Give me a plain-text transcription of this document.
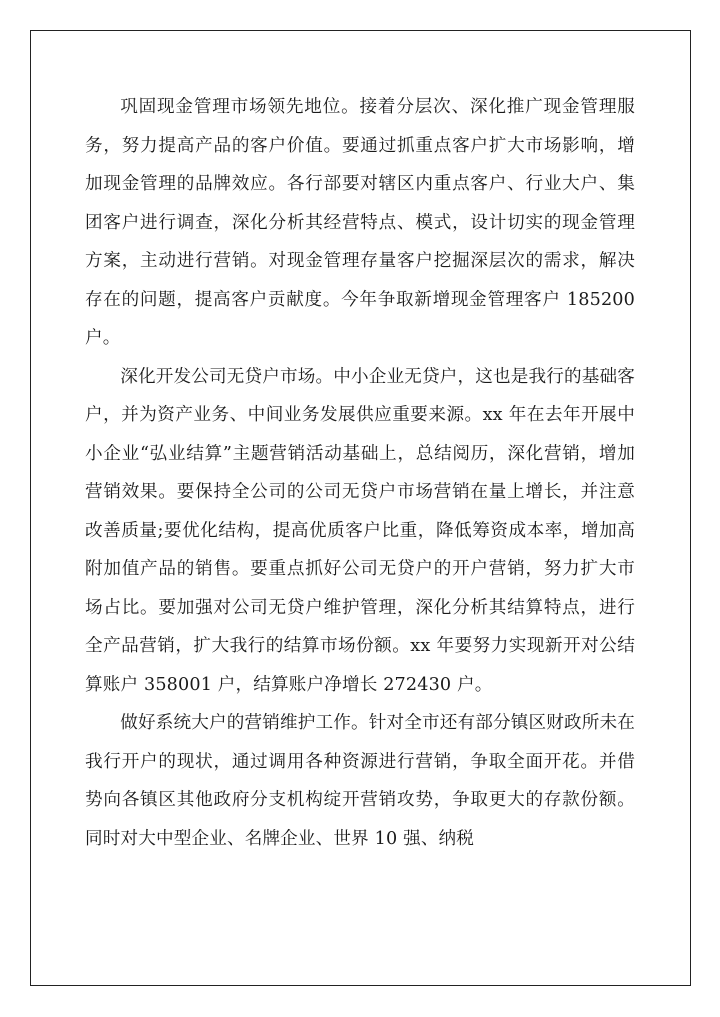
巩固现金管理市场领先地位。接着分层次、深化推广现金管理服务，努力提高产品的客户价值。要通过抓重点客户扩大市场影响，增加现金管理的品牌效应。各行部要对辖区内重点客户、行业大户、集团客户进行调查，深化分析其经营特点、模式，设计切实的现金管理方案，主动进行营销。对现金管理存量客户挖掘深层次的需求，解决存在的问题，提高客户贡献度。今年争取新增现金管理客户 185200 户。

深化开发公司无贷户市场。中小企业无贷户，这也是我行的基础客户，并为资产业务、中间业务发展供应重要来源。xx 年在去年开展中小企业“弘业结算”主题营销活动基础上，总结阅历，深化营销，增加营销效果。要保持全公司的公司无贷户市场营销在量上增长，并注意改善质量;要优化结构，提高优质客户比重，降低筹资成本率，增加高附加值产品的销售。要重点抓好公司无贷户的开户营销，努力扩大市场占比。要加强对公司无贷户维护管理，深化分析其结算特点，进行全产品营销，扩大我行的结算市场份额。xx 年要努力实现新开对公结算账户 358001 户，结算账户净增长 272430 户。

做好系统大户的营销维护工作。针对全市还有部分镇区财政所未在我行开户的现状，通过调用各种资源进行营销，争取全面开花。并借势向各镇区其他政府分支机构绽开营销攻势，争取更大的存款份额。同时对大中型企业、名牌企业、世界 10 强、纳税
